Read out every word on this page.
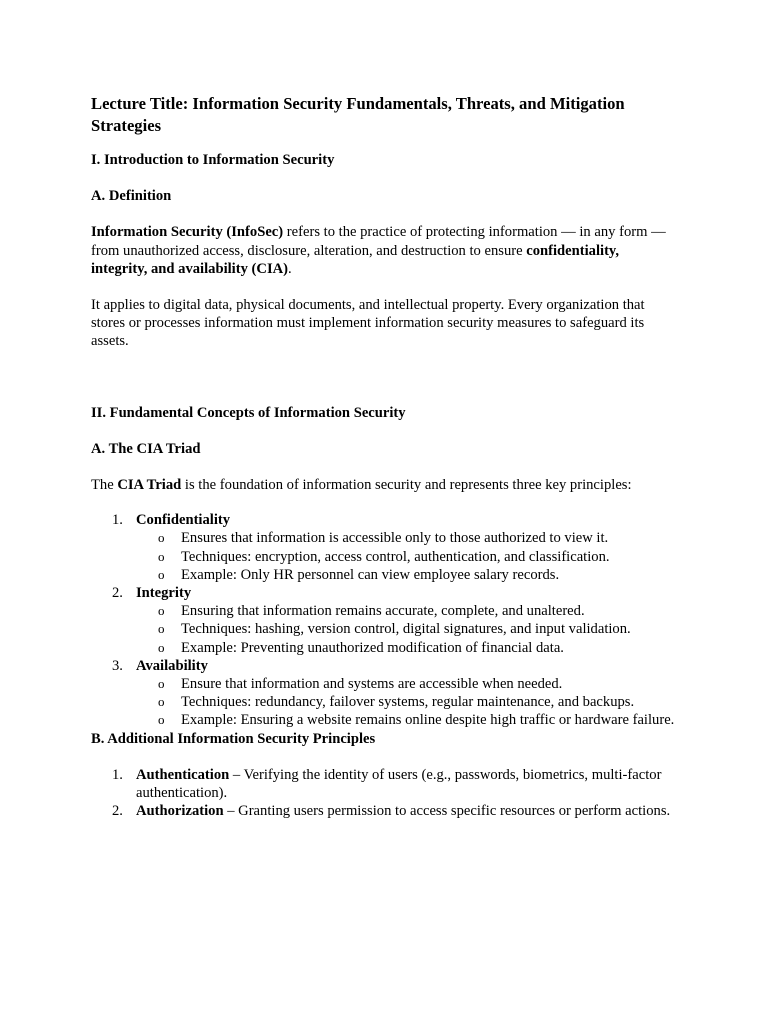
Lecture Title: Information Security Fundamentals, Threats, and Mitigation Strategies
I. Introduction to Information Security
A. Definition

Information Security (InfoSec) refers to the practice of protecting information — in any form — from unauthorized access, disclosure, alteration, and destruction to ensure confidentiality, integrity, and availability (CIA).

It applies to digital data, physical documents, and intellectual property. Every organization that stores or processes information must implement information security measures to safeguard its assets.

II. Fundamental Concepts of Information Security
A. The CIA Triad

The CIA Triad is the foundation of information security and represents three key principles:

1. Confidentiality
o Ensures that information is accessible only to those authorized to view it.
o Techniques: encryption, access control, authentication, and classification.
o Example: Only HR personnel can view employee salary records.
2. Integrity
o Ensuring that information remains accurate, complete, and unaltered.
o Techniques: hashing, version control, digital signatures, and input validation.
o Example: Preventing unauthorized modification of financial data.
3. Availability
o Ensure that information and systems are accessible when needed.
o Techniques: redundancy, failover systems, regular maintenance, and backups.
o Example: Ensuring a website remains online despite high traffic or hardware failure.
B. Additional Information Security Principles
1. Authentication – Verifying the identity of users (e.g., passwords, biometrics, multi-factor authentication).
2. Authorization – Granting users permission to access specific resources or perform actions.
